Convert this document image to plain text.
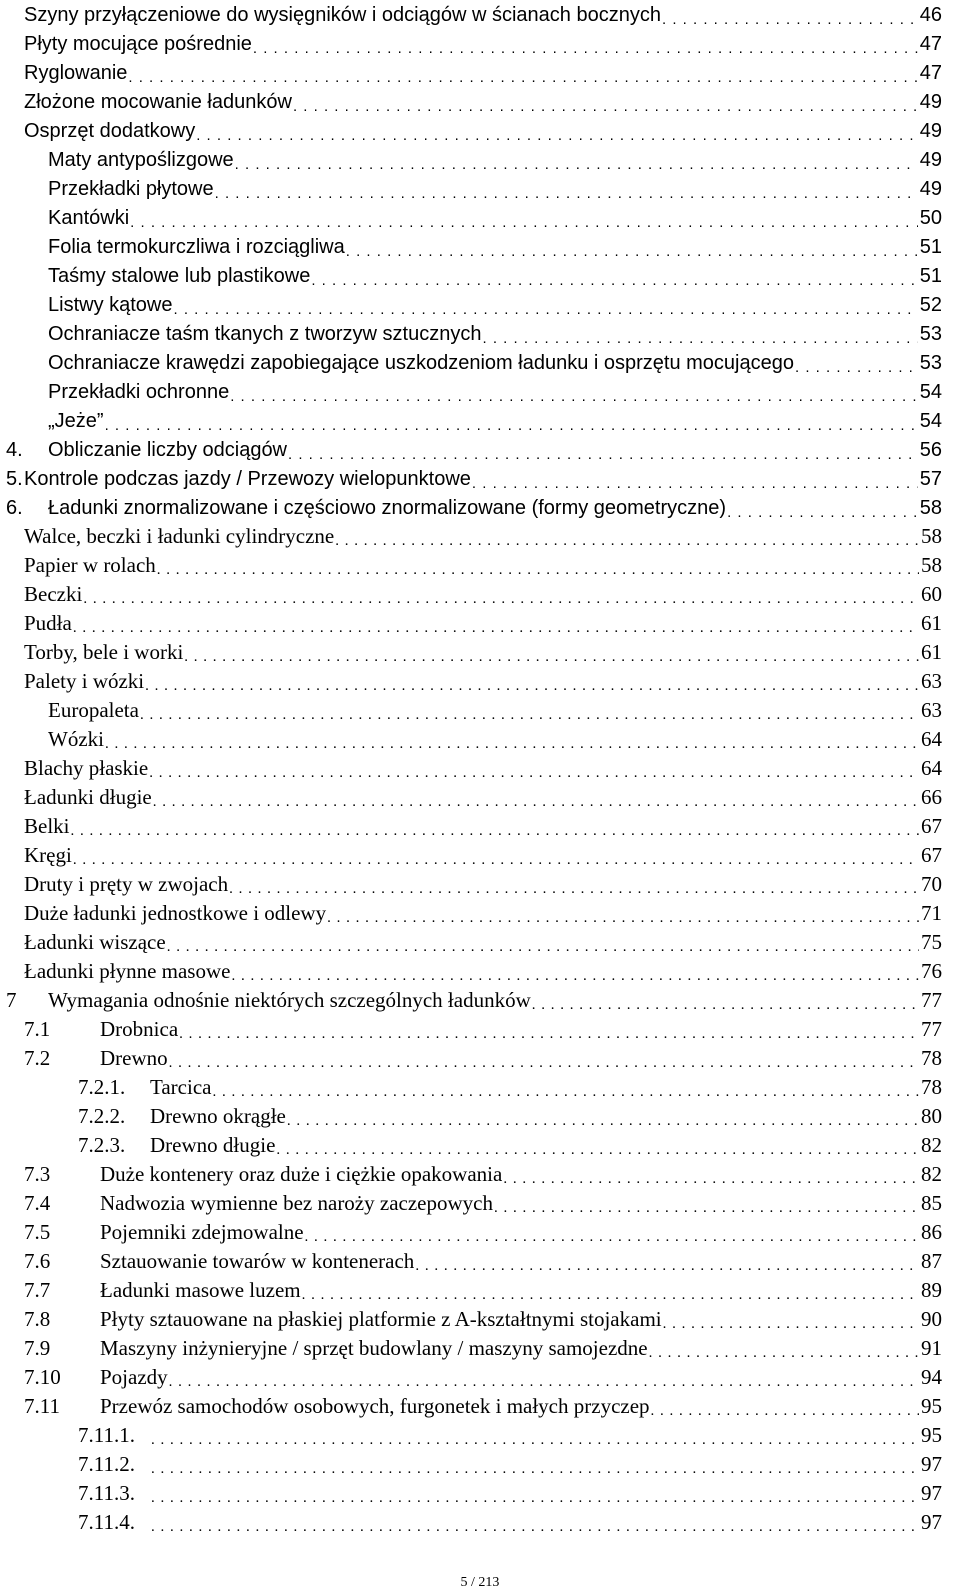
Szyny przyłączeniowe do wysięgników i odciągów w ścianach bocznych . . .	46
Płyty mocujące pośrednie . . .	47
Ryglowanie . . .	47
Złożone mocowanie ładunków . . .	49
Osprzęt dodatkowy . . .	49
Maty antypoślizgowe . . .	49
Przekładki płytowe . . .	49
Kantówki . . .	50
Folia termokurczliwa i rozciągliwa . . .	51
Taśmy stalowe lub plastikowe . . .	51
Listwy kątowe . . .	52
Ochraniacze taśm tkanych z tworzyw sztucznych . . .	53
Ochraniacze krawędzi zapobiegające uszkodzeniom ładunku i osprzętu mocującego . . .	53
Przekładki ochronne . . .	54
„Jeże” . . .	54
4. Obliczanie liczby odciągów . . .	56
5. Kontrole podczas jazdy / Przewozy wielopunktowe . . .	57
6. Ładunki znormalizowane i częściowo znormalizowane (formy geometryczne) . . .	58
Walce, beczki i ładunki cylindryczne . . .	58
Papier w rolach . . .	58
Beczki . . .	60
Pudła . . .	61
Torby, bele i worki . . .	61
Palety i wózki . . .	63
Europaleta . . .	63
Wózki . . .	64
Blachy płaskie . . .	64
Ładunki długie . . .	66
Belki . . .	67
Kręgi . . .	67
Druty i pręty w zwojach . . .	70
Duże ładunki jednostkowe i odlewy . . .	71
Ładunki wiszące . . .	75
Ładunki płynne masowe . . .	76
7 Wymagania odnośnie niektórych szczególnych ładunków . . .	77
7.1 Drobnica . . .	77
7.2 Drewno . . .	78
7.2.1. Tarcica . . .	78
7.2.2. Drewno okrągłe . . .	80
7.2.3. Drewno długie . . .	82
7.3 Duże kontenery oraz duże i ciężkie opakowania . . .	82
7.4 Nadwozia wymienne bez naroży zaczepowych . . .	85
7.5 Pojemniki zdejmowalne . . .	86
7.6 Sztauowanie towarów w kontenerach . . .	87
7.7 Ładunki masowe luzem . . .	89
7.8 Płyty sztauowane na płaskiej platformie z A-kształtnymi stojakami . . .	90
7.9 Maszyny inżynieryjne / sprzęt budowlany / maszyny samojezdne . . .	91
7.10 Pojazdy . . .	94
7.11 Przewóz samochodów osobowych, furgonetek i małych przyczep . . .	95
7.11.1. . . .	95
7.11.2. . . .	97
7.11.3. . . .	97
7.11.4. . . .	97
5 / 213
